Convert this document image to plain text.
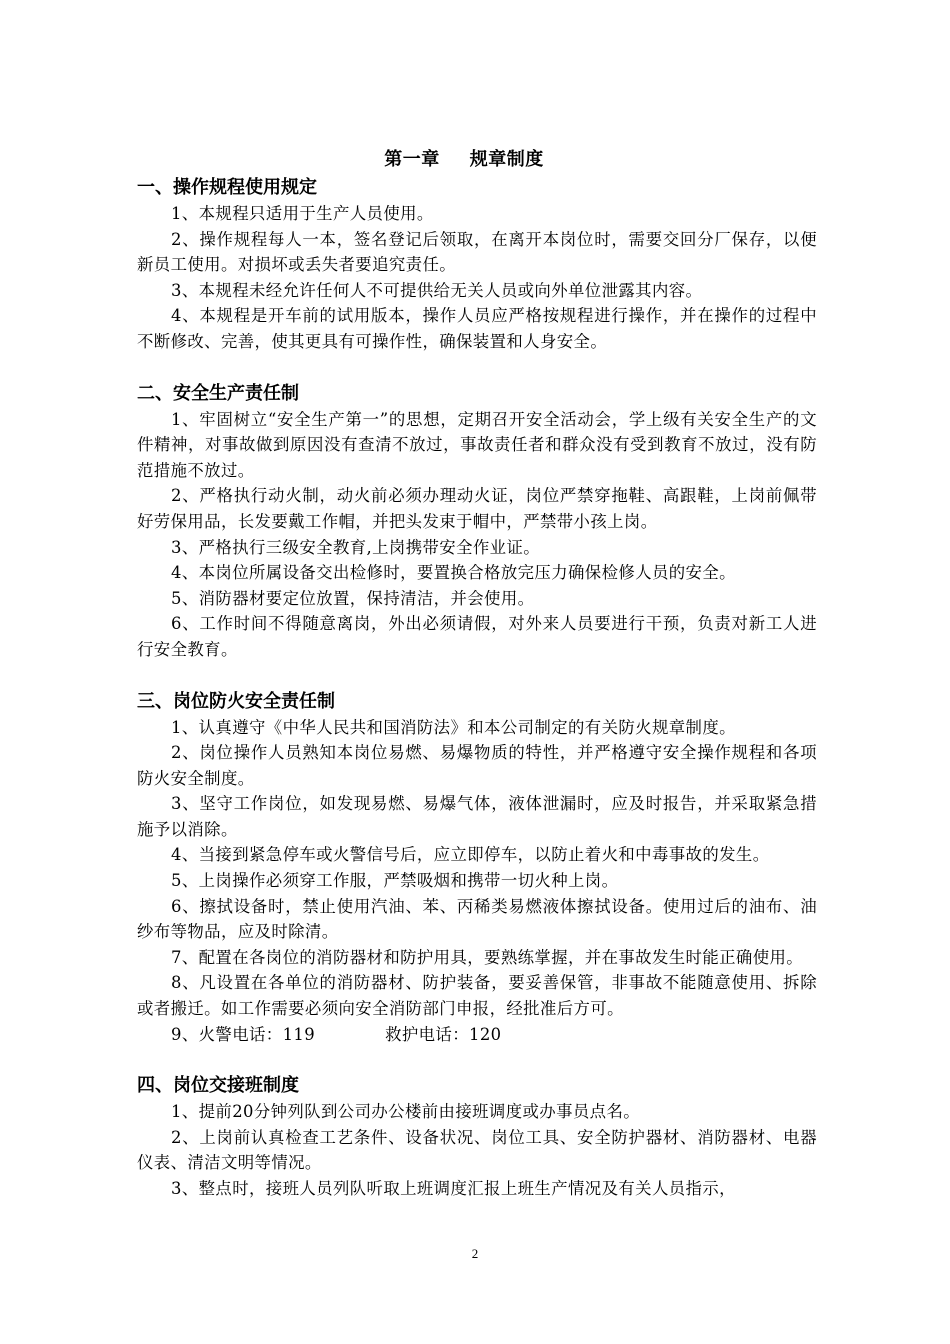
第一章 规章制度

一、操作规程使用规定

1、本规程只适用于生产人员使用。

2、操作规程每人一本，签名登记后领取，在离开本岗位时，需要交回分厂保存，以便新员工使用。对损坏或丢失者要追究责任。

3、本规程未经允许任何人不可提供给无关人员或向外单位泄露其内容。

4、本规程是开车前的试用版本，操作人员应严格按规程进行操作，并在操作的过程中不断修改、完善，使其更具有可操作性，确保装置和人身安全。

二、安全生产责任制

1、牢固树立“安全生产第一”的思想，定期召开安全活动会，学上级有关安全生产的文件精神，对事故做到原因没有查清不放过，事故责任者和群众没有受到教育不放过，没有防范措施不放过。

2、严格执行动火制，动火前必须办理动火证，岗位严禁穿拖鞋、高跟鞋，上岗前佩带好劳保用品，长发要戴工作帽，并把头发束于帽中，严禁带小孩上岗。

3、严格执行三级安全教育,上岗携带安全作业证。

4、本岗位所属设备交出检修时，要置换合格放完压力确保检修人员的安全。

5、消防器材要定位放置，保持清洁，并会使用。

6、工作时间不得随意离岗，外出必须请假，对外来人员要进行干预，负责对新工人进行安全教育。

三、岗位防火安全责任制

1、认真遵守《中华人民共和国消防法》和本公司制定的有关防火规章制度。

2、岗位操作人员熟知本岗位易燃、易爆物质的特性，并严格遵守安全操作规程和各项防火安全制度。

3、坚守工作岗位，如发现易燃、易爆气体，液体泄漏时，应及时报告，并采取紧急措施予以消除。

4、当接到紧急停车或火警信号后，应立即停车，以防止着火和中毒事故的发生。

5、上岗操作必须穿工作服，严禁吸烟和携带一切火种上岗。

6、擦拭设备时，禁止使用汽油、苯、丙稀类易燃液体擦拭设备。使用过后的油布、油纱布等物品，应及时除清。

7、配置在各岗位的消防器材和防护用具，要熟练掌握，并在事故发生时能正确使用。

8、凡设置在各单位的消防器材、防护装备，要妥善保管，非事故不能随意使用、拆除或者搬迁。如工作需要必须向安全消防部门申报，经批准后方可。

9、火警电话：119	救护电话：120

四、岗位交接班制度

1、提前20分钟列队到公司办公楼前由接班调度或办事员点名。

2、上岗前认真检查工艺条件、设备状况、岗位工具、安全防护器材、消防器材、电器仪表、清洁文明等情况。

3、整点时，接班人员列队听取上班调度汇报上班生产情况及有关人员指示，

2
